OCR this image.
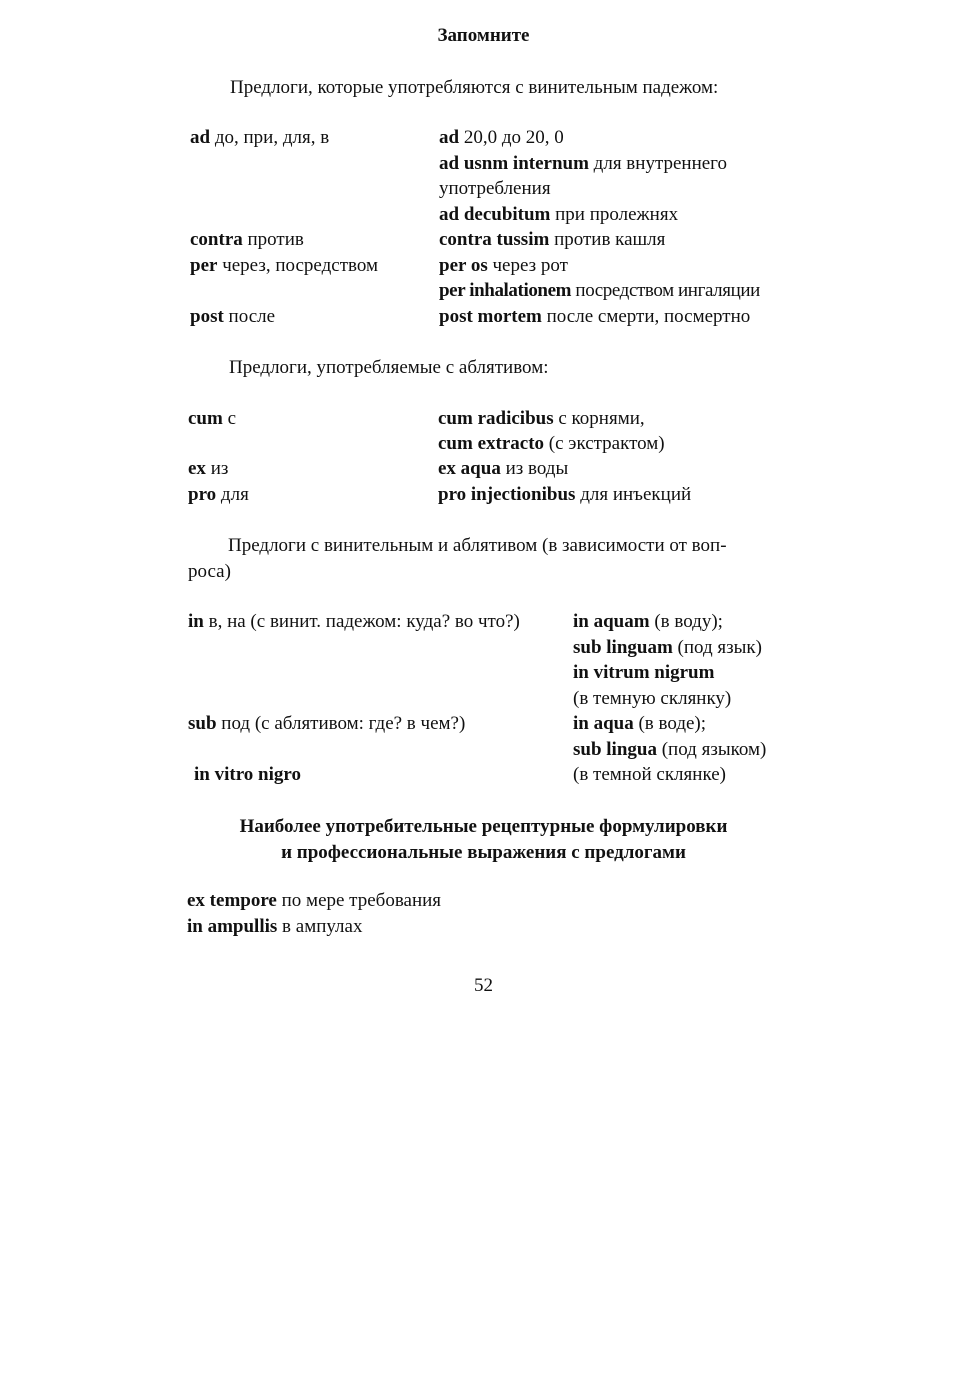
Запомните
Предлоги, которые употребляются с винительным падежом:
ad до, при, для, в
contra против
per через, посредством
post после
ad 20,0 до 20, 0
ad usnm internum для внутреннего
употребления
ad decubitum при пролежнях
contra tussim против кашля
per os через рот
per inhalationem посредством ингаляции
post mortem после смерти, посмертно
Предлоги, употребляемые с аблятивом:
cum с
ex из
pro для
cum radicibus с корнями,
cum extracto (с экстрактом)
ex aqua из воды
pro injectionibus для инъекций
Предлоги с винительным и аблятивом (в зависимости от воп-
роса)
in в, на (с винит. падежом: куда? во что?)
sub под (с аблятивом: где? в чем?)
in vitro nigro
in aquam (в воду);
sub linguam (под язык)
in vitrum nigrum
(в темную склянку)
in aqua (в воде);
sub lingua (под языком)
(в темной склянке)
Наиболее употребительные рецептурные формулировки
и профессиональные выражения с предлогами
ex tempore по мере требования
in ampullis в ампулах
52
